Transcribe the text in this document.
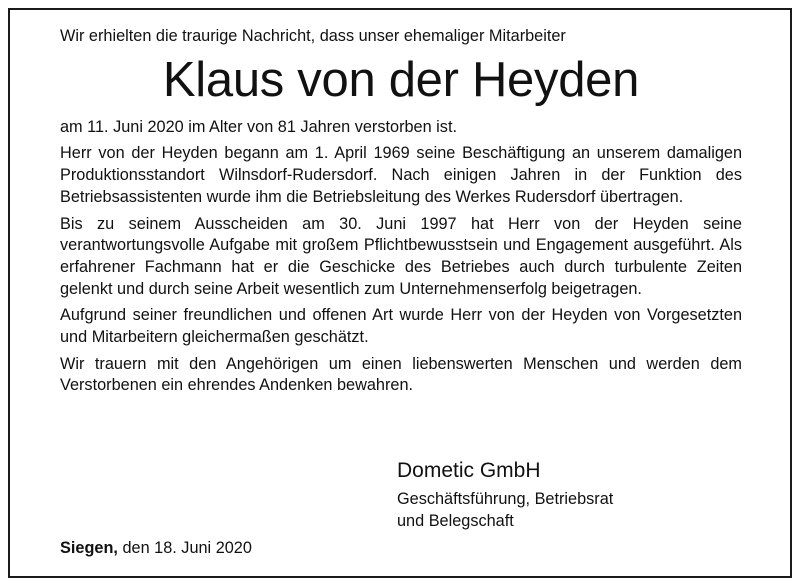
Wir erhielten die traurige Nachricht, dass unser ehemaliger Mitarbeiter

Klaus von der Heyden

am 11. Juni 2020 im Alter von 81 Jahren verstorben ist.

Herr von der Heyden begann am 1. April 1969 seine Beschäftigung an unserem damaligen Produktionsstandort Wilnsdorf-Rudersdorf. Nach einigen Jahren in der Funktion des Betriebsassistenten wurde ihm die Betriebsleitung des Werkes Rudersdorf übertragen.

Bis zu seinem Ausscheiden am 30. Juni 1997 hat Herr von der Heyden seine verantwortungsvolle Aufgabe mit großem Pflichtbewusstsein und Engagement ausgeführt. Als erfahrener Fachmann hat er die Geschicke des Betriebes auch durch turbulente Zeiten gelenkt und durch seine Arbeit wesentlich zum Unternehmenserfolg beigetragen.

Aufgrund seiner freundlichen und offenen Art wurde Herr von der Heyden von Vorgesetzten und Mitarbeitern gleichermaßen geschätzt.

Wir trauern mit den Angehörigen um einen liebenswerten Menschen und werden dem Verstorbenen ein ehrendes Andenken bewahren.

Dometic GmbH
Geschäftsführung, Betriebsrat
und Belegschaft
Siegen, den 18. Juni 2020
